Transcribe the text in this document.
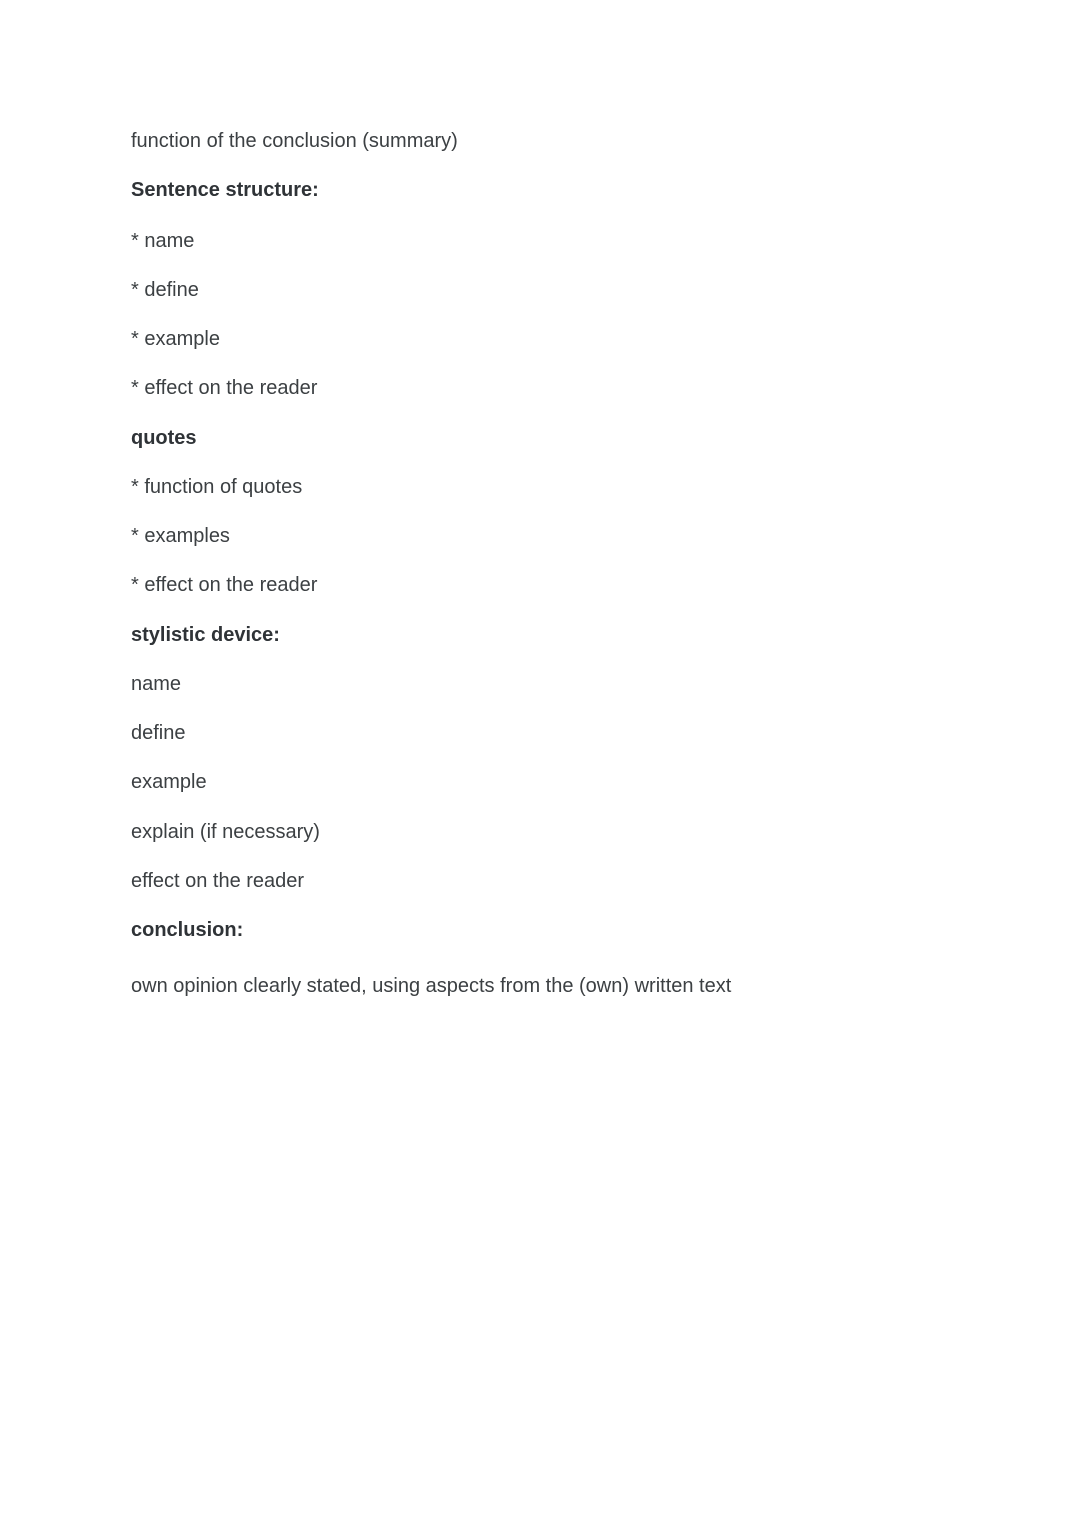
function of the conclusion (summary)
Sentence structure:
* name
* define
* example
* effect on the reader
quotes
* function of quotes
* examples
* effect on the reader
stylistic device:
name
define
example
explain (if necessary)
effect on the reader
conclusion:
own opinion clearly stated, using aspects from the (own) written text
